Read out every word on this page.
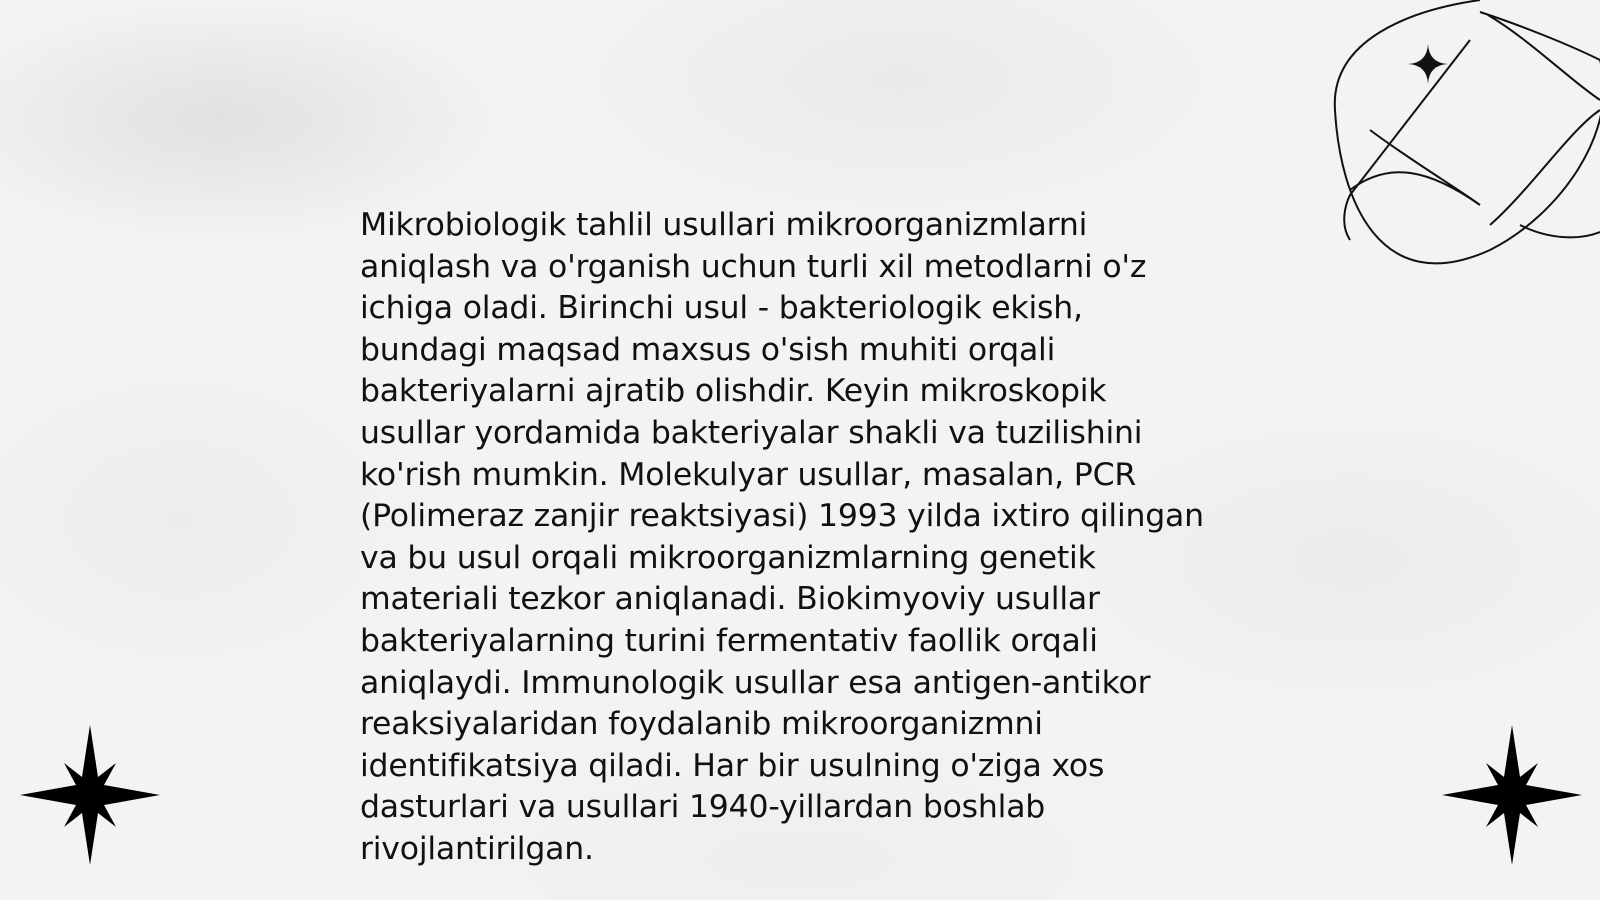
Mikrobiologik tahlil usullari mikroorganizmlarni
aniqlash va o'rganish uchun turli xil metodlarni o'z
ichiga oladi. Birinchi usul - bakteriologik ekish,
bundagi maqsad maxsus o'sish muhiti orqali
bakteriyalarni ajratib olishdir. Keyin mikroskopik
usullar yordamida bakteriyalar shakli va tuzilishini
ko'rish mumkin. Molekulyar usullar, masalan, PCR
(Polimeraz zanjir reaktsiyasi) 1993 yilda ixtiro qilingan
va bu usul orqali mikroorganizmlarning genetik
materiali tezkor aniqlanadi. Biokimyoviy usullar
bakteriyalarning turini fermentativ faollik orqali
aniqlaydi. Immunologik usullar esa antigen-antikor
reaksiyalaridan foydalanib mikroorganizmni
identifikatsiya qiladi. Har bir usulning o'ziga xos
dasturlari va usullari 1940-yillardan boshlab
rivojlantirilgan.
